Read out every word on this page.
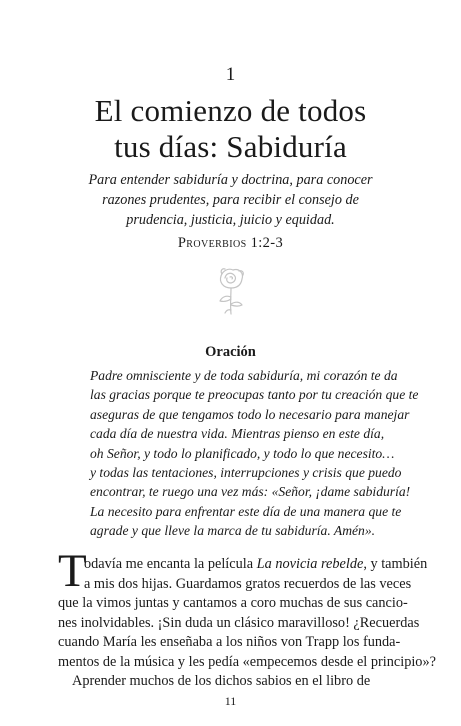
1
El comienzo de todos
tus días: Sabiduría
Para entender sabiduría y doctrina, para conocer
razones prudentes, para recibir el consejo de
prudencia, justicia, juicio y equidad.
Proverbios 1:2-3
Oración
Padre omnisciente y de toda sabiduría, mi corazón te da
las gracias porque te preocupas tanto por tu creación que te
aseguras de que tengamos todo lo necesario para manejar
cada día de nuestra vida. Mientras pienso en este día,
oh Señor, y todo lo planificado, y todo lo que necesito…
y todas las tentaciones, interrupciones y crisis que puedo
encontrar, te ruego una vez más: «Señor, ¡dame sabiduría!
La necesito para enfrentar este día de una manera que te
agrade y que lleve la marca de tu sabiduría. Amén».
T
odavía me encanta la película La novicia rebelde, y también
a mis dos hijas. Guardamos gratos recuerdos de las veces
que la vimos juntas y cantamos a coro muchas de sus cancio-
nes inolvidables. ¡Sin duda un clásico maravilloso! ¿Recuerdas
cuando María les enseñaba a los niños von Trapp los funda-
mentos de la música y les pedía «empecemos desde el principio»?
Aprender muchos de los dichos sabios en el libro de
11
